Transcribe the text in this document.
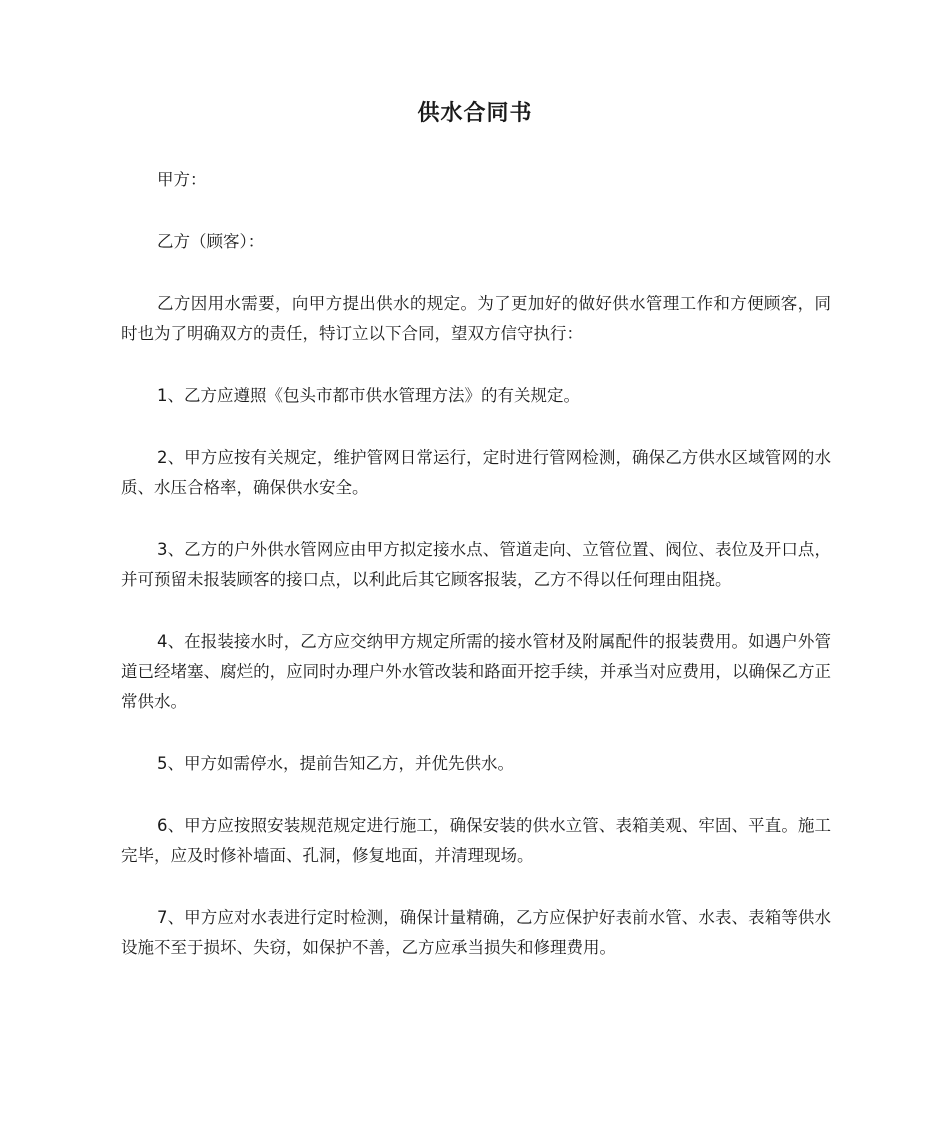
供水合同书

甲方：

乙方（顾客）：

乙方因用水需要，向甲方提出供水的规定。为了更加好的做好供水管理工作和方便顾客，同时也为了明确双方的责任，特订立以下合同，望双方信守执行：

1、乙方应遵照《包头市都市供水管理方法》的有关规定。

2、甲方应按有关规定，维护管网日常运行，定时进行管网检测，确保乙方供水区域管网的水质、水压合格率，确保供水安全。

3、乙方的户外供水管网应由甲方拟定接水点、管道走向、立管位置、阀位、表位及开口点，并可预留未报装顾客的接口点，以利此后其它顾客报装，乙方不得以任何理由阻挠。

4、在报装接水时，乙方应交纳甲方规定所需的接水管材及附属配件的报装费用。如遇户外管道已经堵塞、腐烂的，应同时办理户外水管改装和路面开挖手续，并承当对应费用，以确保乙方正常供水。

5、甲方如需停水，提前告知乙方，并优先供水。

6、甲方应按照安装规范规定进行施工，确保安装的供水立管、表箱美观、牢固、平直。施工完毕，应及时修补墙面、孔洞，修复地面，并清理现场。

7、甲方应对水表进行定时检测，确保计量精确，乙方应保护好表前水管、水表、表箱等供水设施不至于损坏、失窃，如保护不善，乙方应承当损失和修理费用。
